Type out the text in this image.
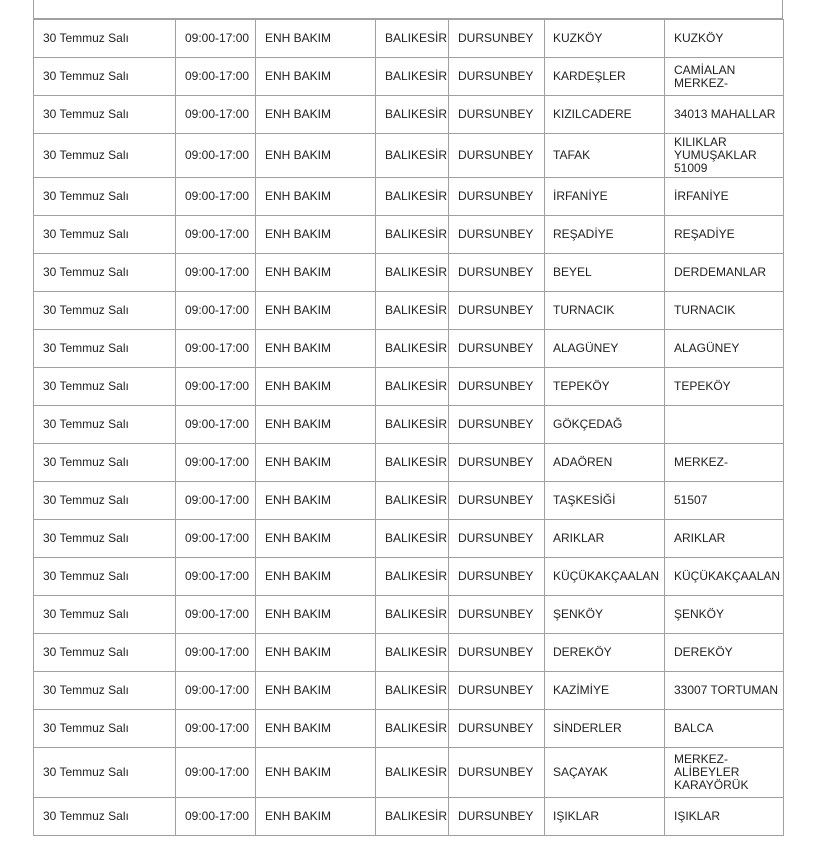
30 Temmuz Salı	09:00-17:00	ENH BAKIM	BALIKESİR	DURSUNBEY	KUZKÖY	KUZKÖY
30 Temmuz Salı	09:00-17:00	ENH BAKIM	BALIKESİR	DURSUNBEY	KARDEŞLER	CAMİALAN MERKEZ-
30 Temmuz Salı	09:00-17:00	ENH BAKIM	BALIKESİR	DURSUNBEY	KIZILCADERE	34013 MAHALLAR
30 Temmuz Salı	09:00-17:00	ENH BAKIM	BALIKESİR	DURSUNBEY	TAFAK	KILIKLAR YUMUŞAKLAR 51009
30 Temmuz Salı	09:00-17:00	ENH BAKIM	BALIKESİR	DURSUNBEY	İRFANİYE	İRFANİYE
30 Temmuz Salı	09:00-17:00	ENH BAKIM	BALIKESİR	DURSUNBEY	REŞADİYE	REŞADİYE
30 Temmuz Salı	09:00-17:00	ENH BAKIM	BALIKESİR	DURSUNBEY	BEYEL	DERDEMANLAR
30 Temmuz Salı	09:00-17:00	ENH BAKIM	BALIKESİR	DURSUNBEY	TURNACIK	TURNACIK
30 Temmuz Salı	09:00-17:00	ENH BAKIM	BALIKESİR	DURSUNBEY	ALAGÜNEY	ALAGÜNEY
30 Temmuz Salı	09:00-17:00	ENH BAKIM	BALIKESİR	DURSUNBEY	TEPEKÖY	TEPEKÖY
30 Temmuz Salı	09:00-17:00	ENH BAKIM	BALIKESİR	DURSUNBEY	GÖKÇEDAĞ	
30 Temmuz Salı	09:00-17:00	ENH BAKIM	BALIKESİR	DURSUNBEY	ADAÖREN	MERKEZ-
30 Temmuz Salı	09:00-17:00	ENH BAKIM	BALIKESİR	DURSUNBEY	TAŞKESİĞİ	51507
30 Temmuz Salı	09:00-17:00	ENH BAKIM	BALIKESİR	DURSUNBEY	ARIKLAR	ARIKLAR
30 Temmuz Salı	09:00-17:00	ENH BAKIM	BALIKESİR	DURSUNBEY	KÜÇÜKAKÇAALAN	KÜÇÜKAKÇAALAN
30 Temmuz Salı	09:00-17:00	ENH BAKIM	BALIKESİR	DURSUNBEY	ŞENKÖY	ŞENKÖY
30 Temmuz Salı	09:00-17:00	ENH BAKIM	BALIKESİR	DURSUNBEY	DEREKÖY	DEREKÖY
30 Temmuz Salı	09:00-17:00	ENH BAKIM	BALIKESİR	DURSUNBEY	KAZİMİYE	33007 TORTUMAN
30 Temmuz Salı	09:00-17:00	ENH BAKIM	BALIKESİR	DURSUNBEY	SİNDERLER	BALCA
30 Temmuz Salı	09:00-17:00	ENH BAKIM	BALIKESİR	DURSUNBEY	SAÇAYAK	MERKEZ-ALİBEYLER KARAYÖRÜK
30 Temmuz Salı	09:00-17:00	ENH BAKIM	BALIKESİR	DURSUNBEY	IŞIKLAR	IŞIKLAR
